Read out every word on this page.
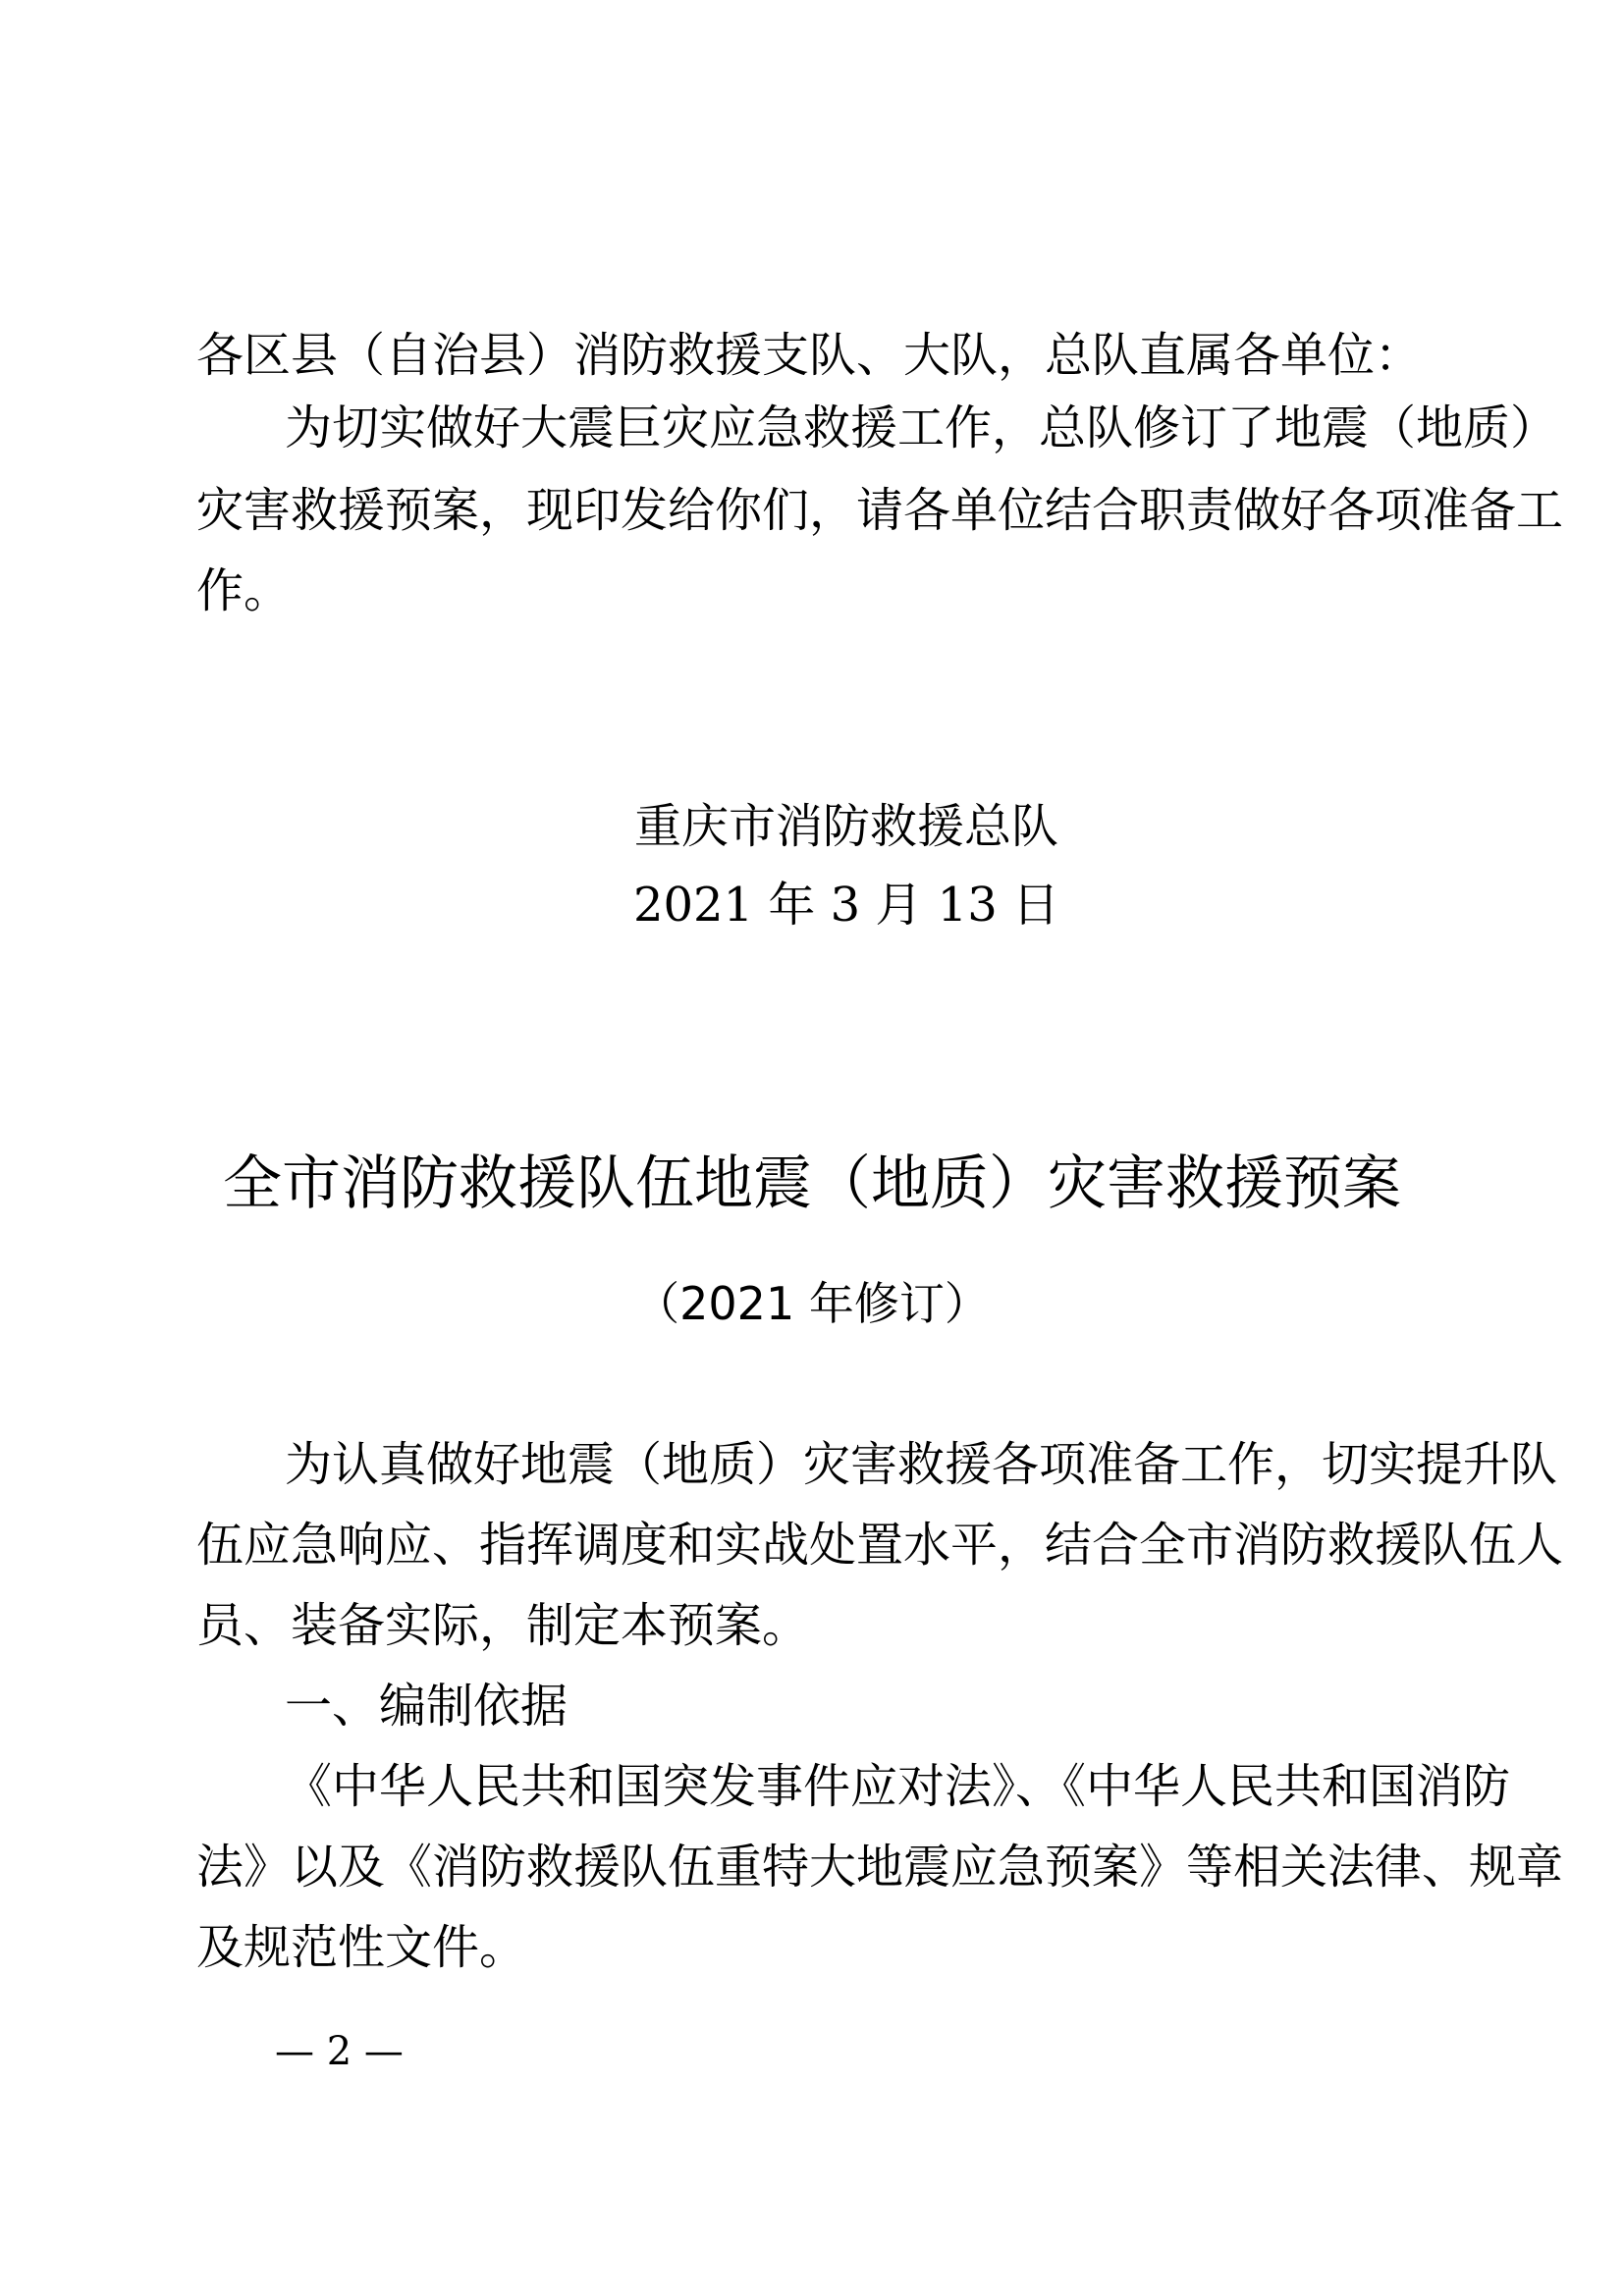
各区县（自治县）消防救援支队、大队，总队直属各单位：
为切实做好大震巨灾应急救援工作，总队修订了地震（地质）
灾害救援预案，现印发给你们，请各单位结合职责做好各项准备工
作。
重庆市消防救援总队
2021 年 3 月 13 日
全市消防救援队伍地震（地质）灾害救援预案
（2021 年修订）
为认真做好地震（地质）灾害救援各项准备工作，切实提升队
伍应急响应、指挥调度和实战处置水平，结合全市消防救援队伍人
员、装备实际，制定本预案。
一、编制依据
《中华人民共和国突发事件应对法》、《中华人民共和国消防
法》以及《消防救援队伍重特大地震应急预案》等相关法律、规章
及规范性文件。
— 2 —
